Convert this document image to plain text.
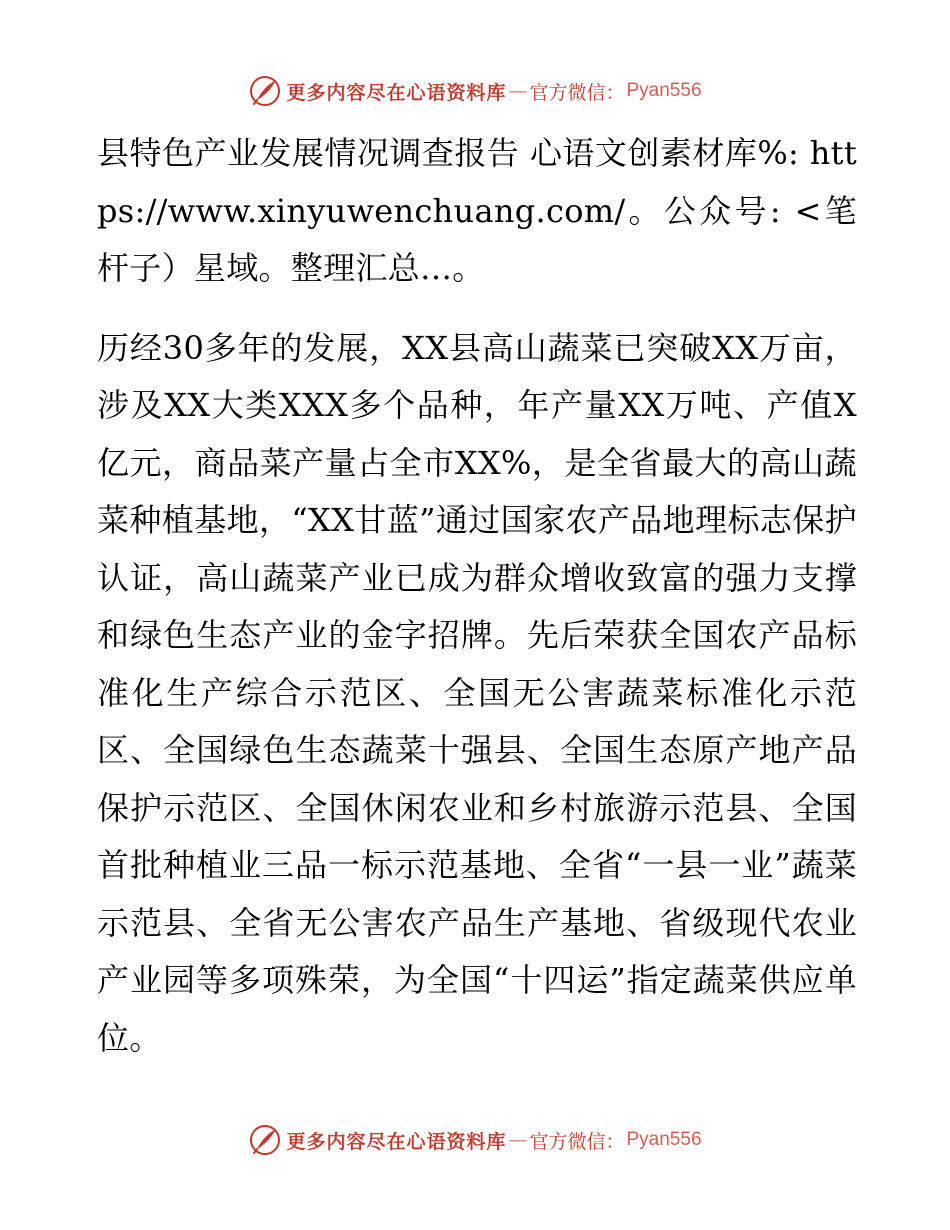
更多内容尽在心语资料库 — 官方微信： Pyan556

县特色产业发展情况调查报告 心语文创素材库%: https://www.xinyuwenchuang.com/。公众号: <笔杆子）星域。整理汇总…。

历经30多年的发展，XX县高山蔬菜已突破XX万亩，涉及XX大类XXX多个品种，年产量XX万吨、产值X亿元，商品菜产量占全市XX%，是全省最大的高山蔬菜种植基地，“XX甘蓝”通过国家农产品地理标志保护认证，高山蔬菜产业已成为群众增收致富的强力支撑和绿色生态产业的金字招牌。先后荣获全国农产品标准化生产综合示范区、全国无公害蔬菜标准化示范区、全国绿色生态蔬菜十强县、全国生态原产地产品保护示范区、全国休闲农业和乡村旅游示范县、全国首批种植业三品一标示范基地、全省“一县一业”蔬菜示范县、全省无公害农产品生产基地、省级现代农业产业园等多项殊荣，为全国“十四运”指定蔬菜供应单位。

更多内容尽在心语资料库 — 官方微信： Pyan556
